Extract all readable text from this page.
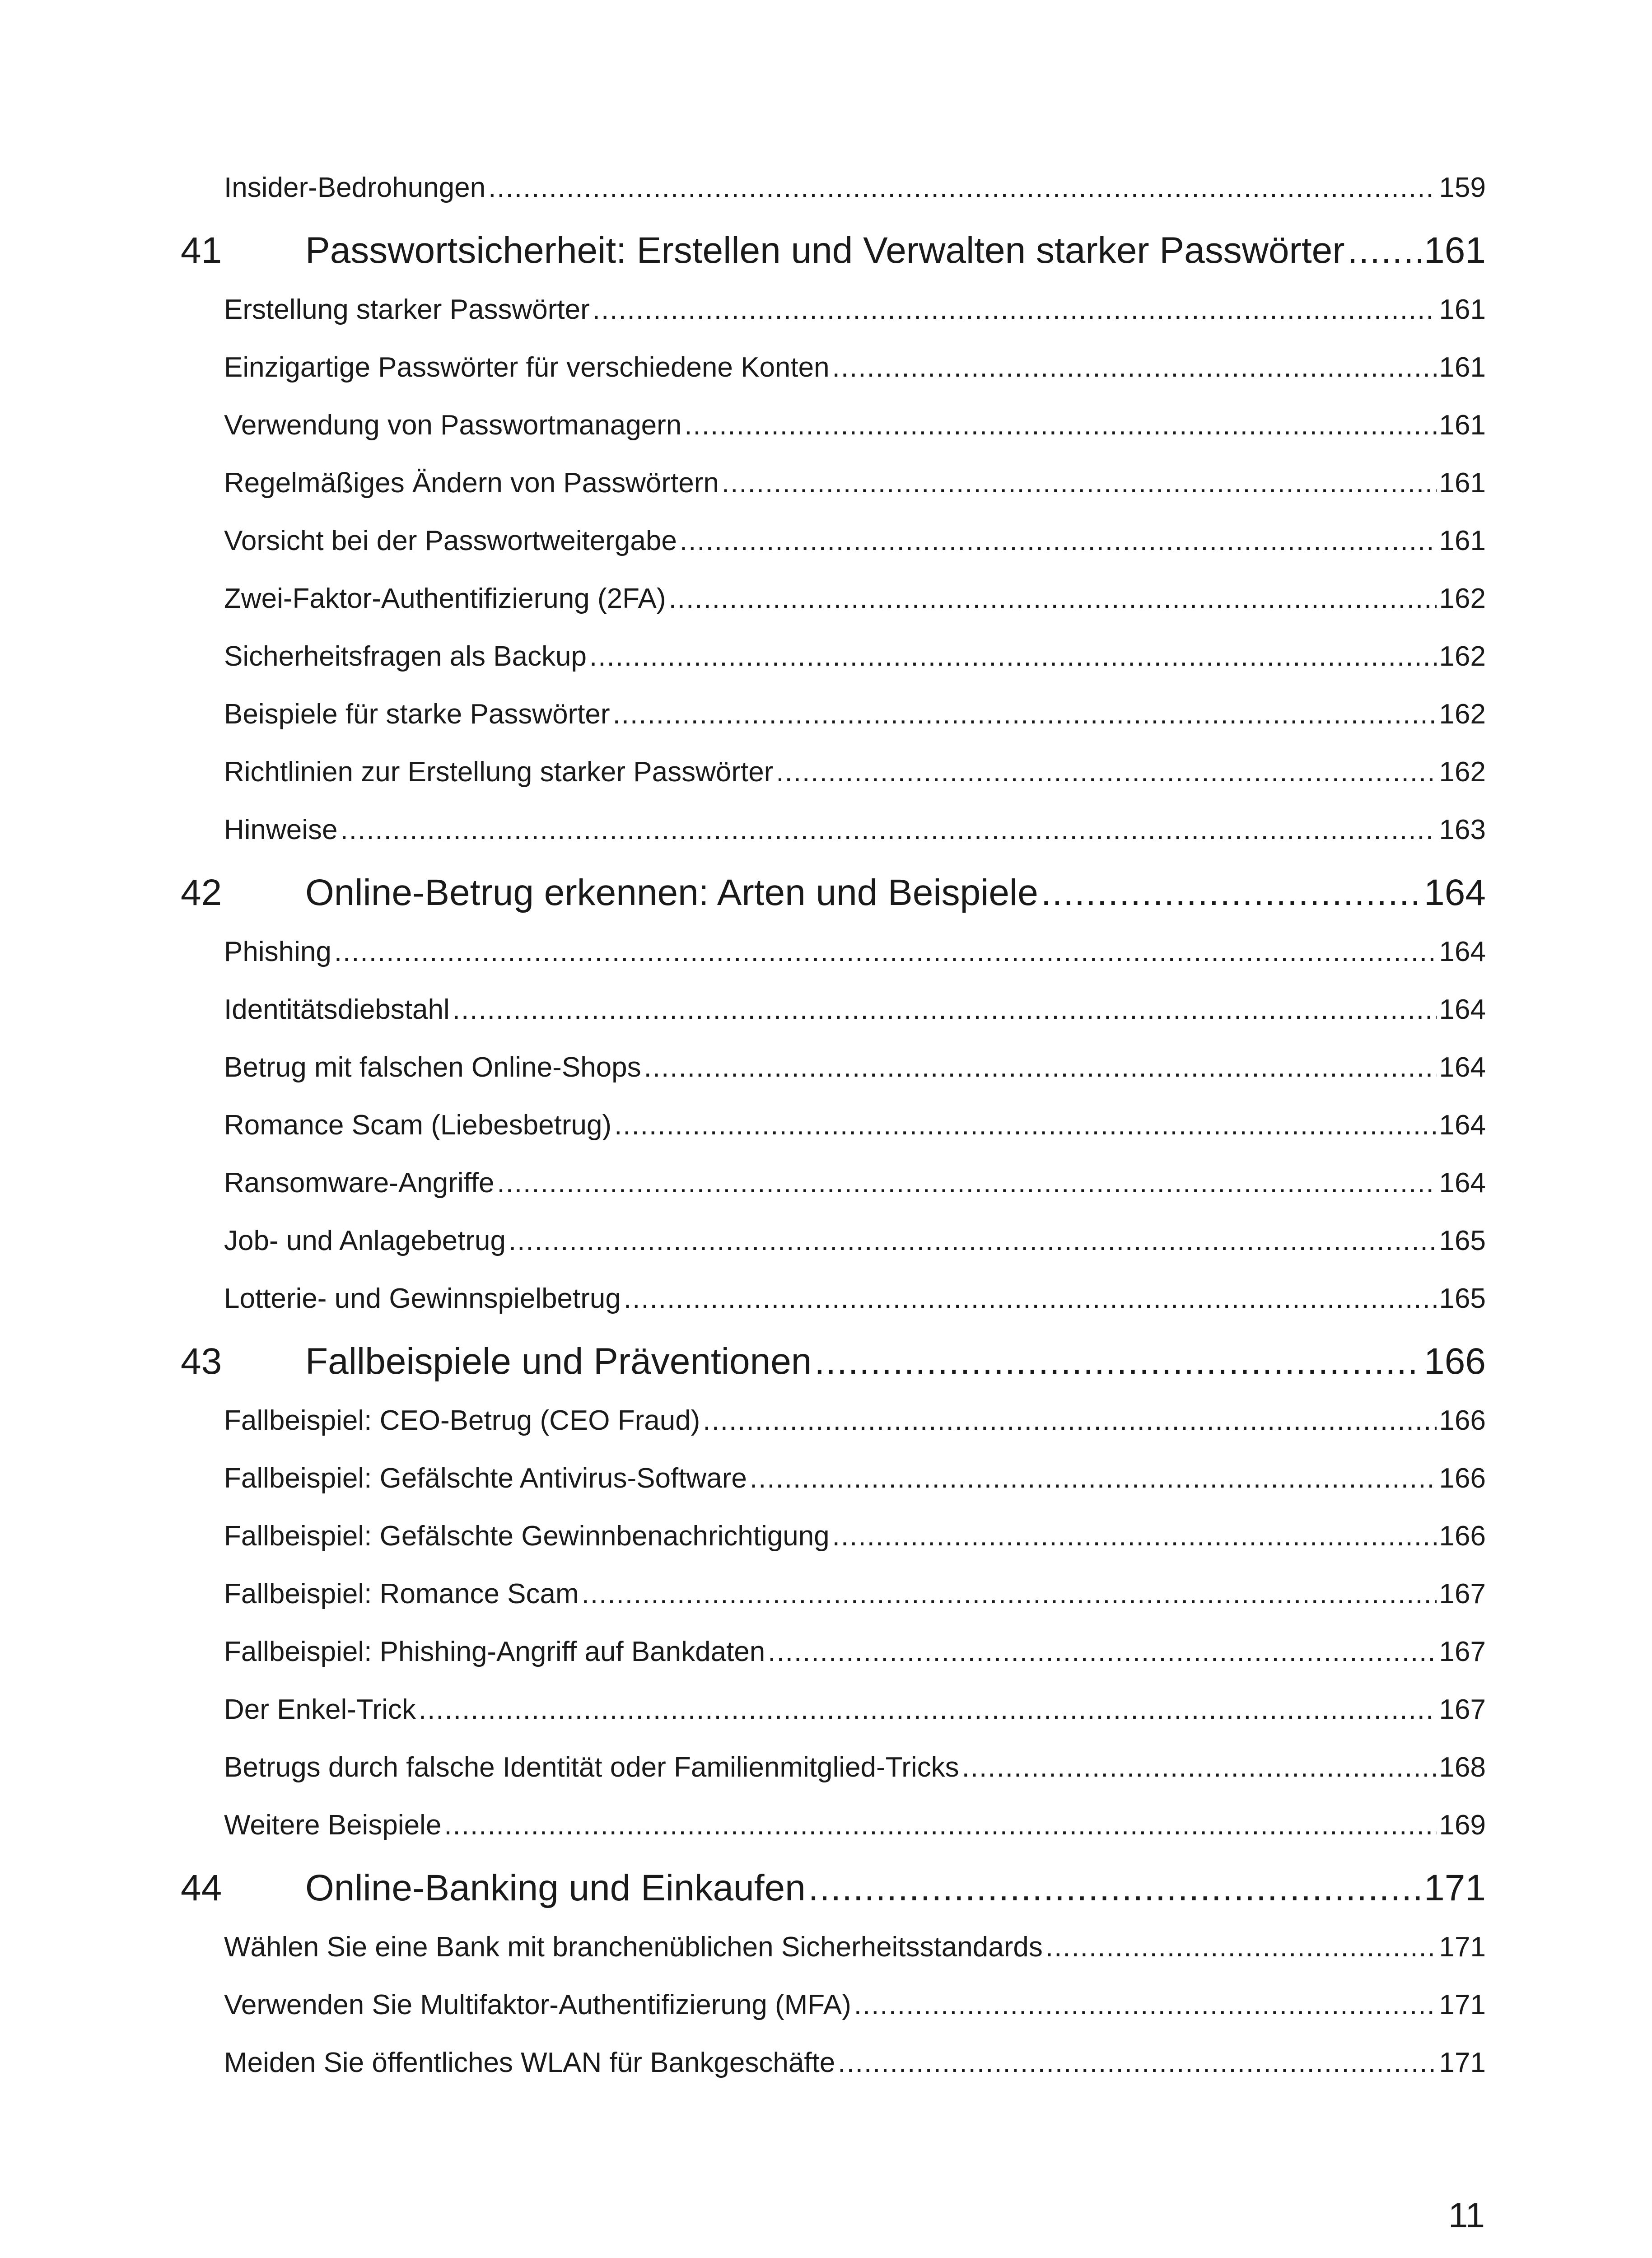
Insider-Bedrohungen .....	159
41	Passwortsicherheit: Erstellen und Verwalten starker Passwörter ..... 161
Erstellung starker Passwörter .....	161
Einzigartige Passwörter für verschiedene Konten .....	161
Verwendung von Passwortmanagern .....	161
Regelmäßiges Ändern von Passwörtern .....	161
Vorsicht bei der Passwortweitergabe .....	161
Zwei-Faktor-Authentifizierung (2FA) .....	162
Sicherheitsfragen als Backup .....	162
Beispiele für starke Passwörter .....	162
Richtlinien zur Erstellung starker Passwörter .....	162
Hinweise .....	163
42	Online-Betrug erkennen: Arten und Beispiele .....	164
Phishing .....	164
Identitätsdiebstahl .....	164
Betrug mit falschen Online-Shops .....	164
Romance Scam (Liebesbetrug) .....	164
Ransomware-Angriffe .....	164
Job- und Anlagebetrug .....	165
Lotterie- und Gewinnspielbetrug .....	165
43	Fallbeispiele und Präventionen .....	166
Fallbeispiel: CEO-Betrug (CEO Fraud) .....	166
Fallbeispiel: Gefälschte Antivirus-Software .....	166
Fallbeispiel: Gefälschte Gewinnbenachrichtigung .....	166
Fallbeispiel: Romance Scam .....	167
Fallbeispiel: Phishing-Angriff auf Bankdaten .....	167
Der Enkel-Trick .....	167
Betrugs durch falsche Identität oder Familienmitglied-Tricks .....	168
Weitere Beispiele .....	169
44	Online-Banking und Einkaufen .....	171
Wählen Sie eine Bank mit branchenüblichen Sicherheitsstandards .....	171
Verwenden Sie Multifaktor-Authentifizierung (MFA) .....	171
Meiden Sie öffentliches WLAN für Bankgeschäfte .....	171
11
